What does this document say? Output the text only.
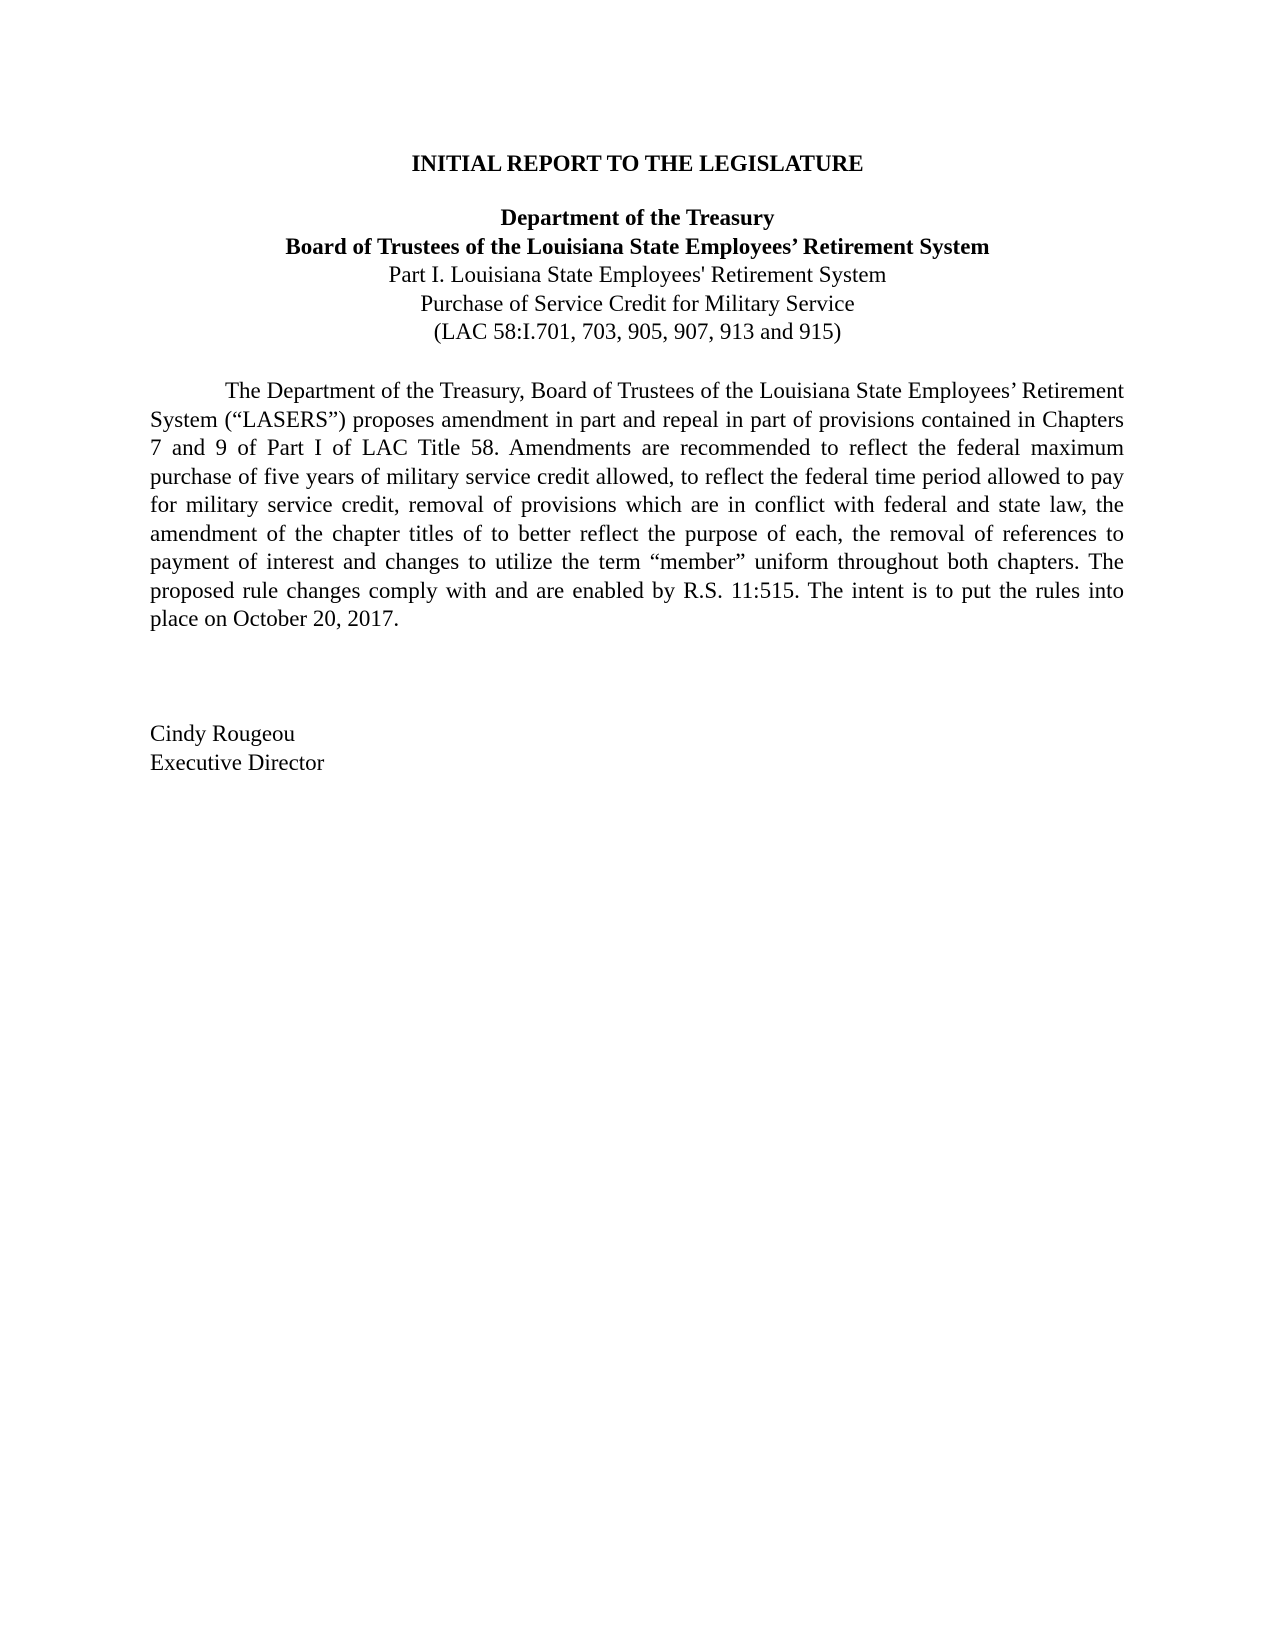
INITIAL REPORT TO THE LEGISLATURE
Department of the Treasury
Board of Trustees of the Louisiana State Employees’ Retirement System
Part I. Louisiana State Employees' Retirement System
Purchase of Service Credit for Military Service
(LAC 58:I.701, 703, 905, 907, 913 and 915)

The Department of the Treasury, Board of Trustees of the Louisiana State Employees’ Retirement System (“LASERS”) proposes amendment in part and repeal in part of provisions contained in Chapters 7 and 9 of Part I of LAC Title 58. Amendments are recommended to reflect the federal maximum purchase of five years of military service credit allowed, to reflect the federal time period allowed to pay for military service credit, removal of provisions which are in conflict with federal and state law, the amendment of the chapter titles of to better reflect the purpose of each, the removal of references to payment of interest and changes to utilize the term “member” uniform throughout both chapters. The proposed rule changes comply with and are enabled by R.S. 11:515. The intent is to put the rules into place on October 20, 2017.

Cindy Rougeou
Executive Director
